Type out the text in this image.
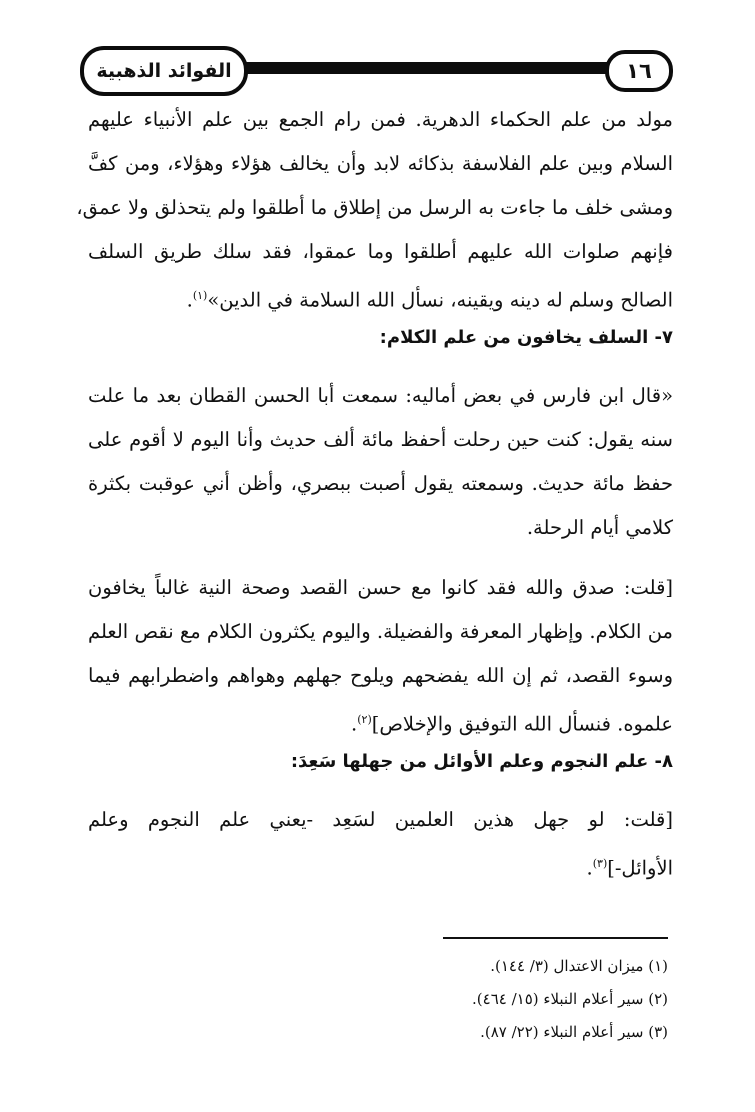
الفوائد الذهبية	١٦
مولد من علم الحكماء الدهرية. فمن رام الجمع بين علم الأنبياء عليهم
السلام وبين علم الفلاسفة بذكائه لابد وأن يخالف هؤلاء وهؤلاء، ومن كفَّ
ومشى خلف ما جاءت به الرسل من إطلاق ما أطلقوا ولم يتحذلق ولا عمق،
فإنهم صلوات الله عليهم أطلقوا وما عمقوا، فقد سلك طريق السلف
الصالح وسلم له دينه ويقينه، نسأل الله السلامة في الدين»$^{(١)}$.
٧- السلف يخافون من علم الكلام:
«قال ابن فارس في بعض أماليه: سمعت أبا الحسن القطان بعد ما علت
سنه يقول: كنت حين رحلت أحفظ مائة ألف حديث وأنا اليوم لا أقوم على
حفظ مائة حديث. وسمعته يقول أصبت ببصري، وأظن أني عوقبت بكثرة
كلامي أيام الرحلة.
[قلت: صدق والله فقد كانوا مع حسن القصد وصحة النية غالباً يخافون
من الكلام. وإظهار المعرفة والفضيلة. واليوم يكثرون الكلام مع نقص العلم
وسوء القصد، ثم إن الله يفضحهم ويلوح جهلهم وهواهم واضطرابهم فيما
علموه. فنسأل الله التوفيق والإخلاص]$^{(٢)}$.
٨- علم النجوم وعلم الأوائل من جهلها سَعِدَ:
[قلت: لو جهل هذين العلمين لسَعِد -يعني علم النجوم وعلم
الأوائل-]$^{(٣)}$.
(١) ميزان الاعتدال (٣/ ١٤٤).
(٢) سير أعلام النبلاء (١٥/ ٤٦٤).
(٣) سير أعلام النبلاء (٢٢/ ٨٧).
